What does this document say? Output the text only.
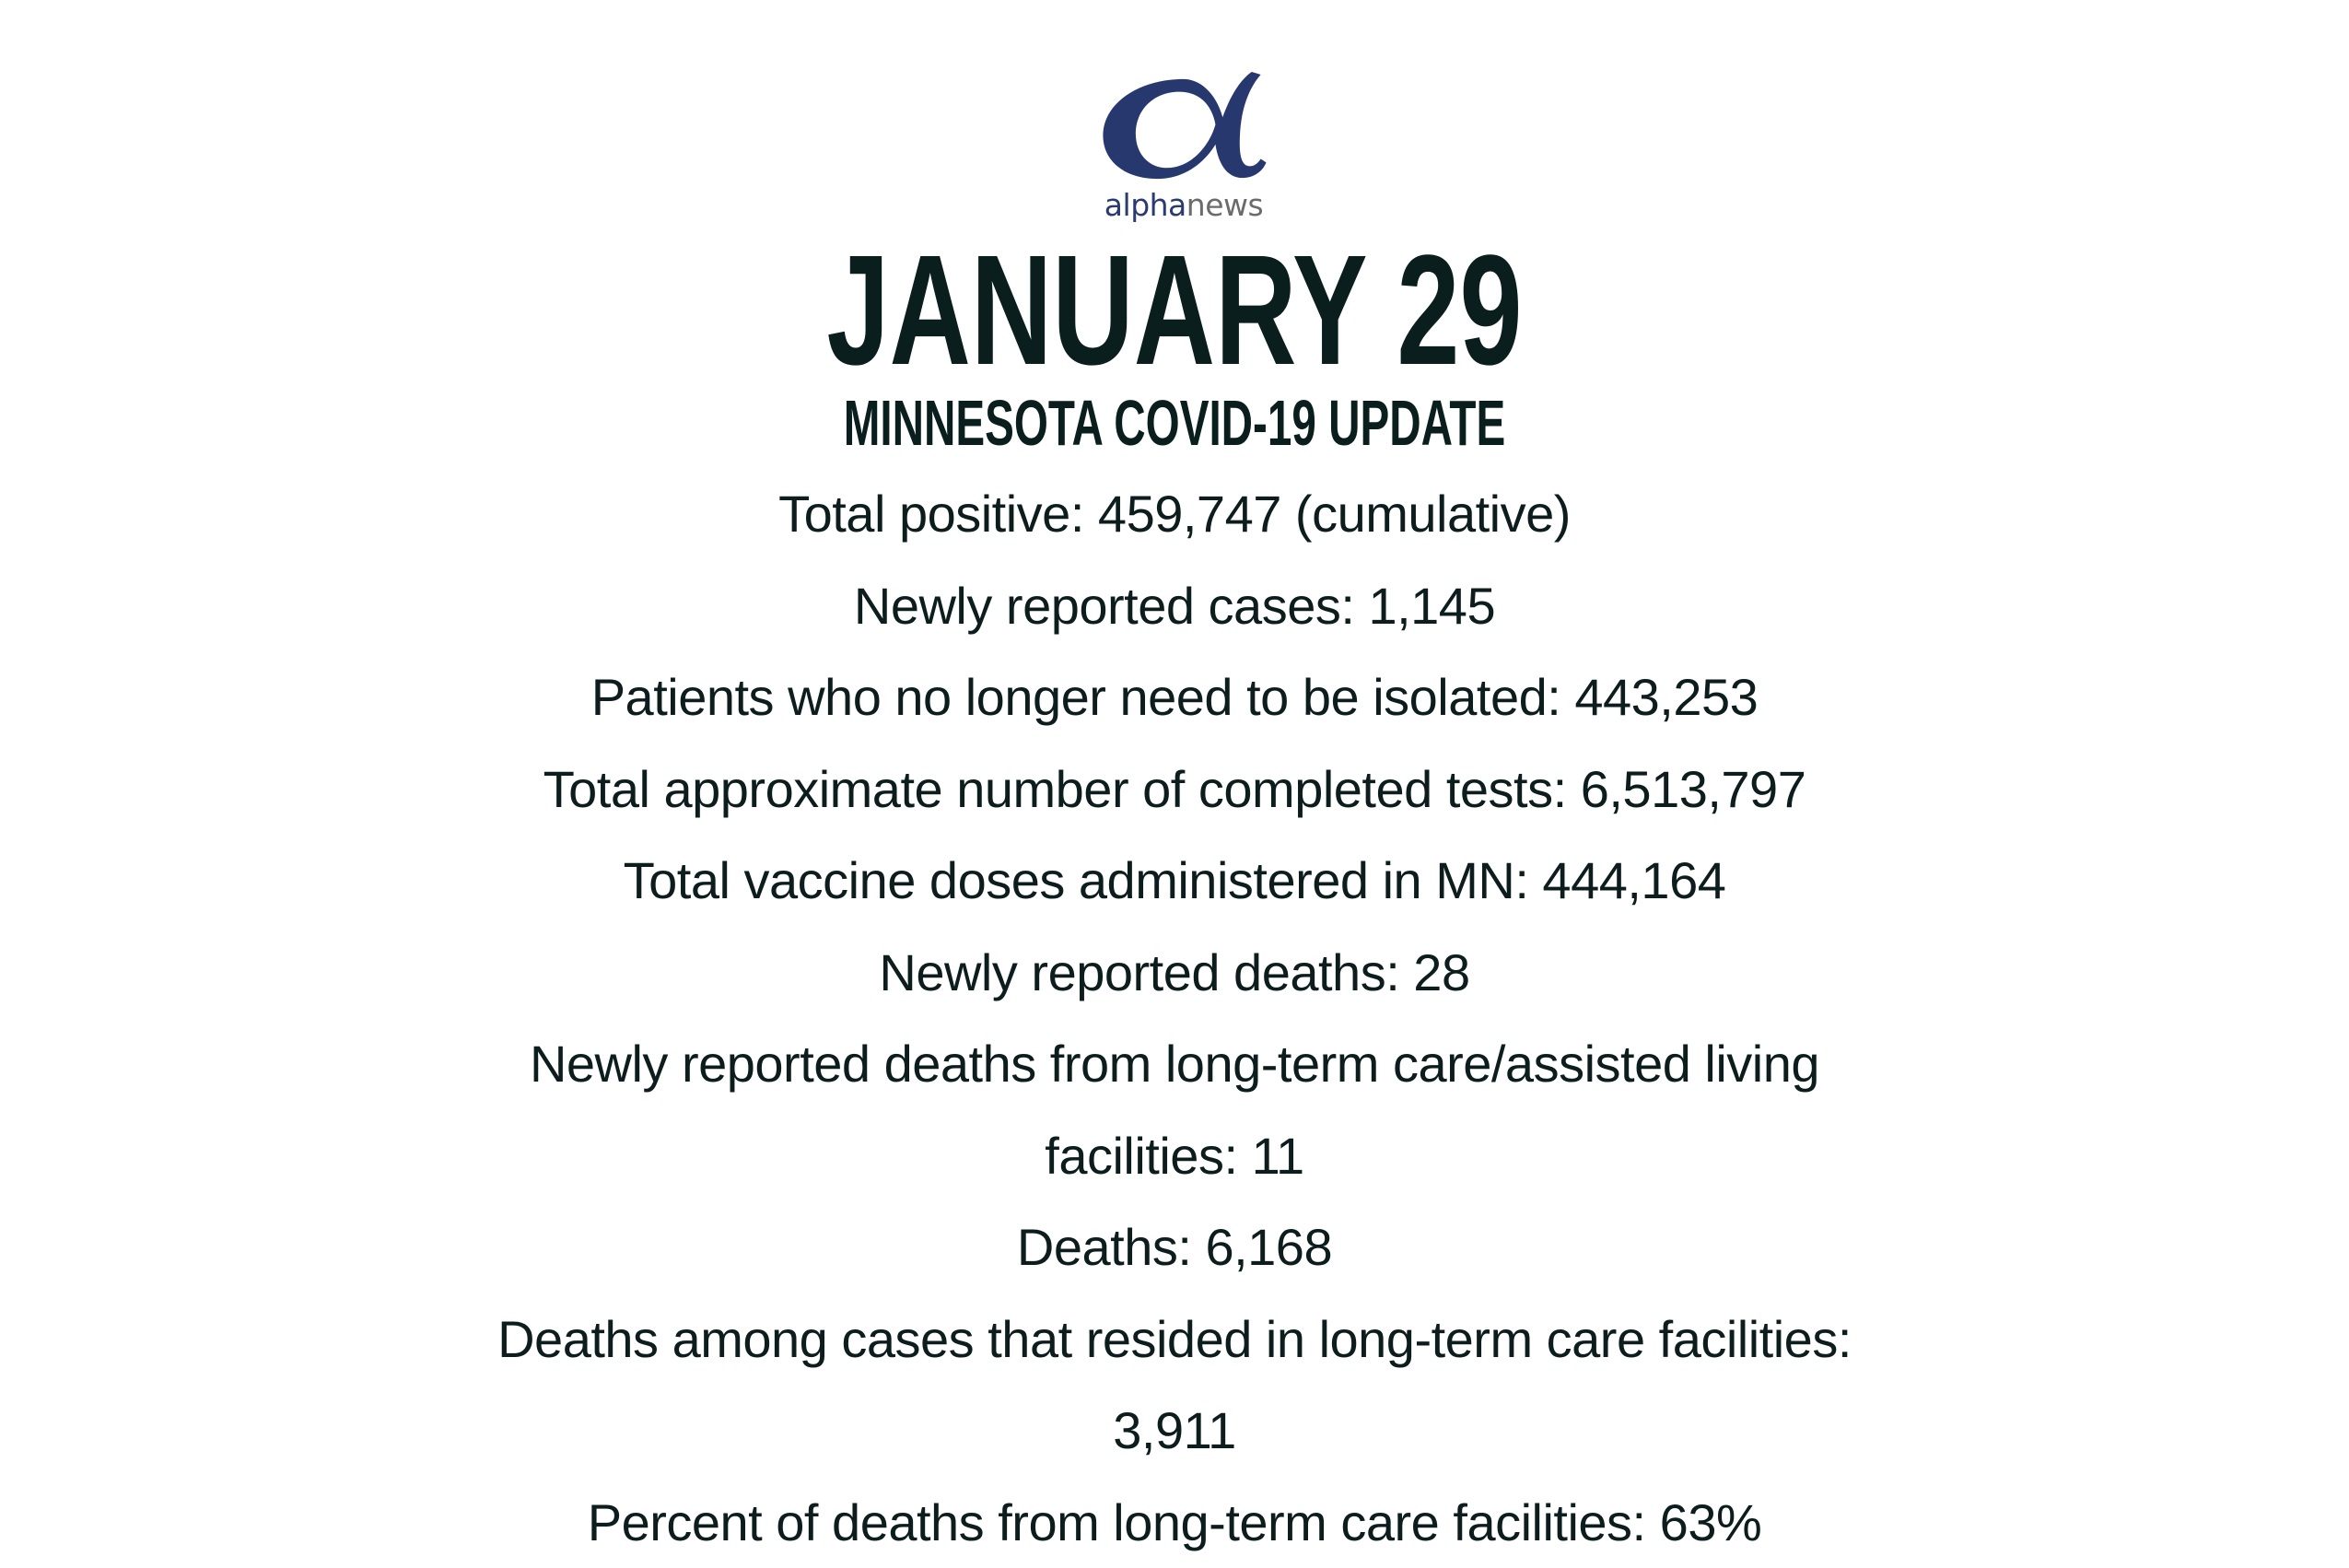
alphanews
JANUARY 29
MINNESOTA COVID-19 UPDATE
Total positive: 459,747 (cumulative)
Newly reported cases: 1,145
Patients who no longer need to be isolated: 443,253
Total approximate number of completed tests: 6,513,797
Total vaccine doses administered in MN: 444,164
Newly reported deaths: 28
Newly reported deaths from long-term care/assisted living
facilities: 11
Deaths: 6,168
Deaths among cases that resided in long-term care facilities:
3,911
Percent of deaths from long-term care facilities: 63%
